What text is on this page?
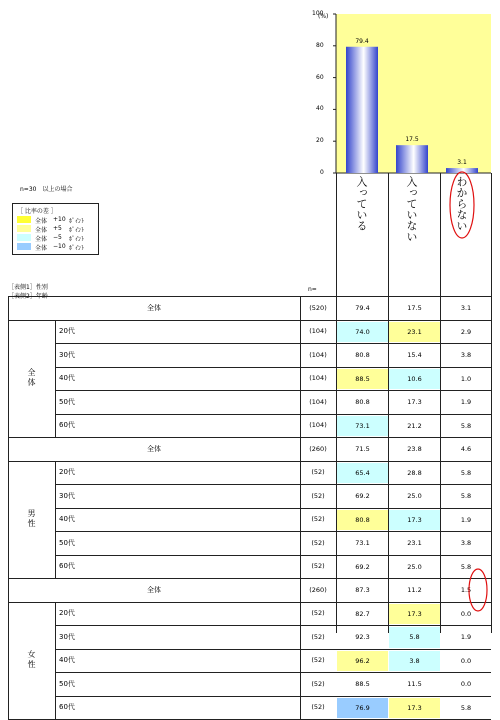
79.4
17.5
3.1
100
80
60
40
20
0
(%)
n=30　以上の場合
［ 比率の差 ］
全体 +10 ﾎﾟｲﾝﾄ
全体 +5 ﾎﾟｲﾝﾄ
全体 −5 ﾎﾟｲﾝﾄ
全体 −10 ﾎﾟｲﾝﾄ
入っている	入っていない	わからない
［表側1］性別	n=
全体	(520)	79.4	17.5	3.1
20代	(104)	74.0	23.1	2.9
30代	(104)	80.8	15.4	3.8
40代	(104)	88.5	10.6	1.0
50代	(104)	80.8	17.3	1.9
60代	(104)	73.1	21.2	5.8
全体
全体	(260)	71.5	23.8	4.6
20代	(52)	65.4	28.8	5.8
30代	(52)	69.2	25.0	5.8
40代	(52)	80.8	17.3	1.9
50代	(52)	73.1	23.1	3.8
60代	(52)	69.2	25.0	5.8
男性
全体	(260)	87.3	11.2	1.5
20代	(52)	82.7	17.3	0.0
30代	(52)	92.3	5.8	1.9
40代	(52)	96.2	3.8	0.0
50代	(52)	88.5	11.5	0.0
60代	(52)	76.9	17.3	5.8
女性
